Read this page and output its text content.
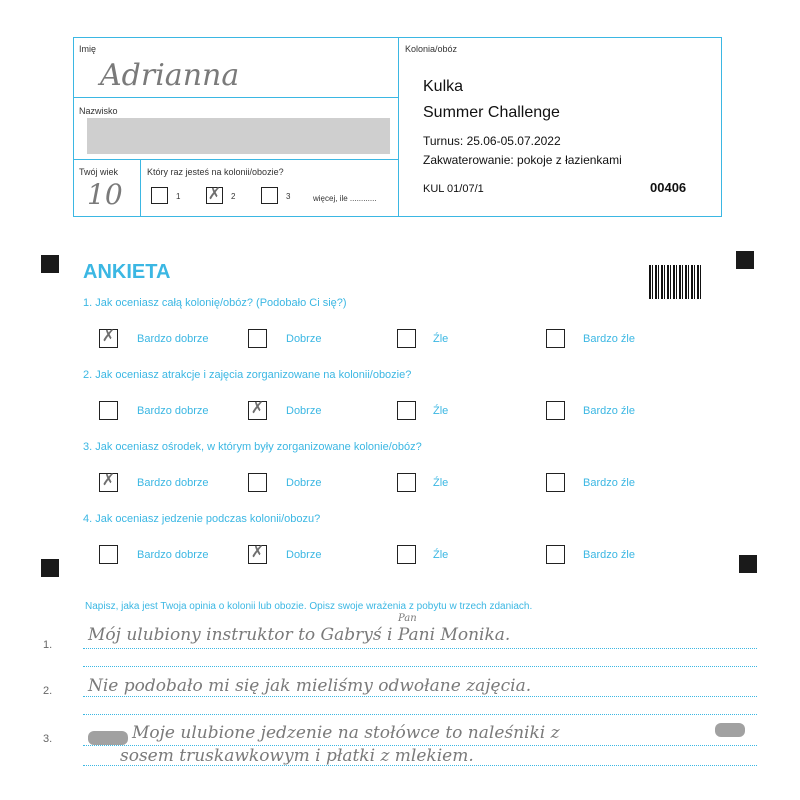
Imię
Adrianna
Nazwisko
Twój wiek
10
Który raz jesteś na kolonii/obozie?
1 ✗ 2	3	więcej, ile ............
Kolonia/obóz
Kulka
Summer Challenge
Turnus: 25.06-05.07.2022
Zakwaterowanie: pokoje z łazienkami
KUL 01/07/1	00406
ANKIETA
1. Jak oceniasz całą kolonię/obóz? (Podobało Ci się?)
✗ Bardzo dobrze	Dobrze	Źle	Bardzo źle
2. Jak oceniasz atrakcje i zajęcia zorganizowane na kolonii/obozie?
Bardzo dobrze	✗ Dobrze	Źle	Bardzo źle
3. Jak oceniasz ośrodek, w którym były zorganizowane kolonie/obóz?
✗ Bardzo dobrze	Dobrze	Źle	Bardzo źle
4. Jak oceniasz jedzenie podczas kolonii/obozu?
Bardzo dobrze	✗ Dobrze	Źle	Bardzo źle
Napisz, jaka jest Twoja opinia o kolonii lub obozie. Opisz swoje wrażenia z pobytu w trzech zdaniach.
1.
2.
3.
Pan
Mój ulubiony instruktor to Gabryś i Pani Monika.
Nie podobało mi się jak mieliśmy odwołane zajęcia.
Moje ulubione jedzenie na stołówce to naleśniki z
sosem truskawkowym i płatki z mlekiem.
